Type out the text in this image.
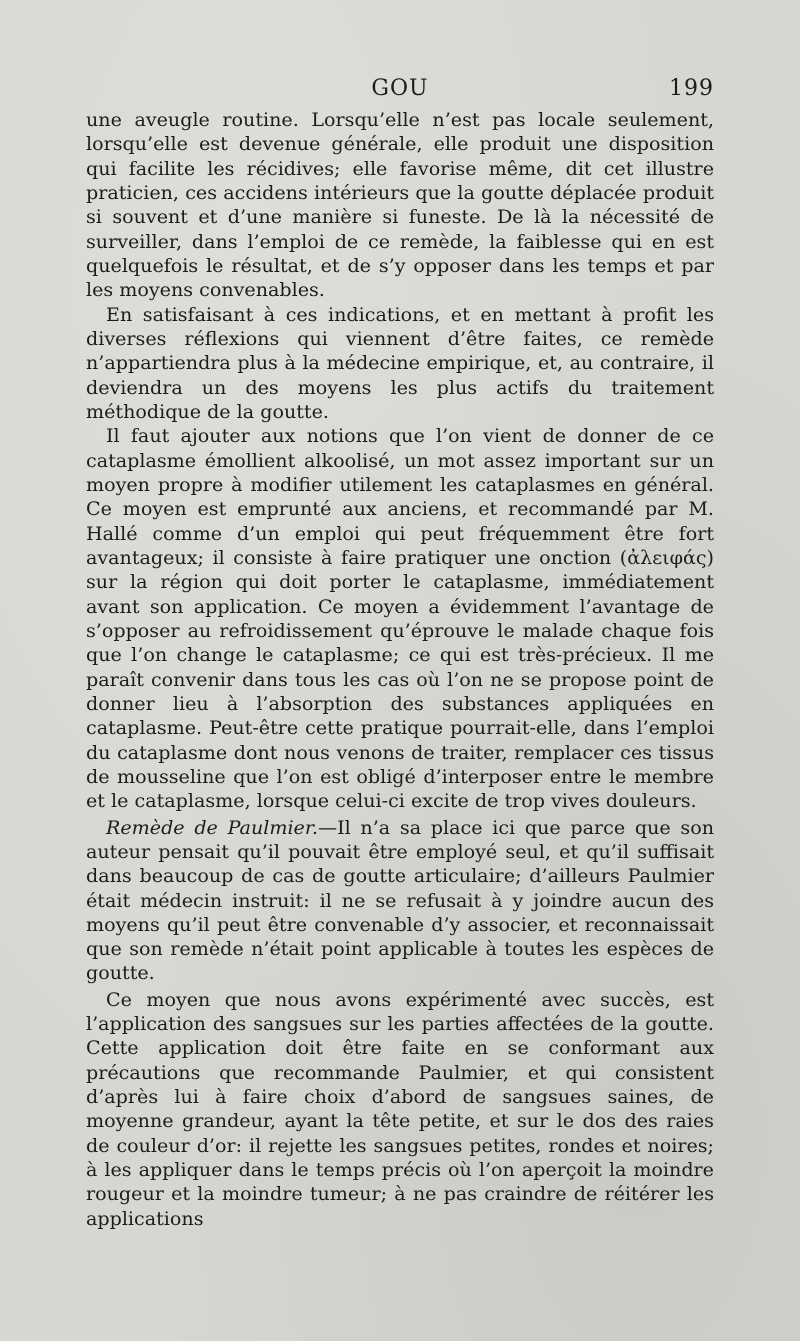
GOU	199

une aveugle routine. Lorsqu’elle n’est pas locale seulement, lorsqu’elle est devenue générale, elle produit une disposition qui facilite les récidives; elle favorise même, dit cet illustre praticien, ces accidens intérieurs que la goutte déplacée produit si souvent et d’une manière si funeste. De là la nécessité de surveiller, dans l’emploi de ce remède, la faiblesse qui en est quelquefois le résultat, et de s’y opposer dans les temps et par les moyens convenables.

En satisfaisant à ces indications, et en mettant à profit les diverses réflexions qui viennent d’être faites, ce remède n’appartiendra plus à la médecine empirique, et, au contraire, il deviendra un des moyens les plus actifs du traitement méthodique de la goutte.

Il faut ajouter aux notions que l’on vient de donner de ce cataplasme émollient alkoolisé, un mot assez important sur un moyen propre à modifier utilement les cataplasmes en général. Ce moyen est emprunté aux anciens, et recommandé par M. Hallé comme d’un emploi qui peut fréquemment être fort avantageux; il consiste à faire pratiquer une onction (ἀλειφάς) sur la région qui doit porter le cataplasme, immédiatement avant son application. Ce moyen a évidemment l’avantage de s’opposer au refroidissement qu’éprouve le malade chaque fois que l’on change le cataplasme; ce qui est très-précieux. Il me paraît convenir dans tous les cas où l’on ne se propose point de donner lieu à l’absorption des substances appliquées en cataplasme. Peut-être cette pratique pourrait-elle, dans l’emploi du cataplasme dont nous venons de traiter, remplacer ces tissus de mousseline que l’on est obligé d’interposer entre le membre et le cataplasme, lorsque celui-ci excite de trop vives douleurs.

Remède de Paulmier.—Il n’a sa place ici que parce que son auteur pensait qu’il pouvait être employé seul, et qu’il suffisait dans beaucoup de cas de goutte articulaire; d’ailleurs Paulmier était médecin instruit: il ne se refusait à y joindre aucun des moyens qu’il peut être convenable d’y associer, et reconnaissait que son remède n’était point applicable à toutes les espèces de goutte.

Ce moyen que nous avons expérimenté avec succès, est l’application des sangsues sur les parties affectées de la goutte. Cette application doit être faite en se conformant aux précautions que recommande Paulmier, et qui consistent d’après lui à faire choix d’abord de sangsues saines, de moyenne grandeur, ayant la tête petite, et sur le dos des raies de couleur d’or: il rejette les sangsues petites, rondes et noires; à les appliquer dans le temps précis où l’on aperçoit la moindre rougeur et la moindre tumeur; à ne pas craindre de réitérer les applications
